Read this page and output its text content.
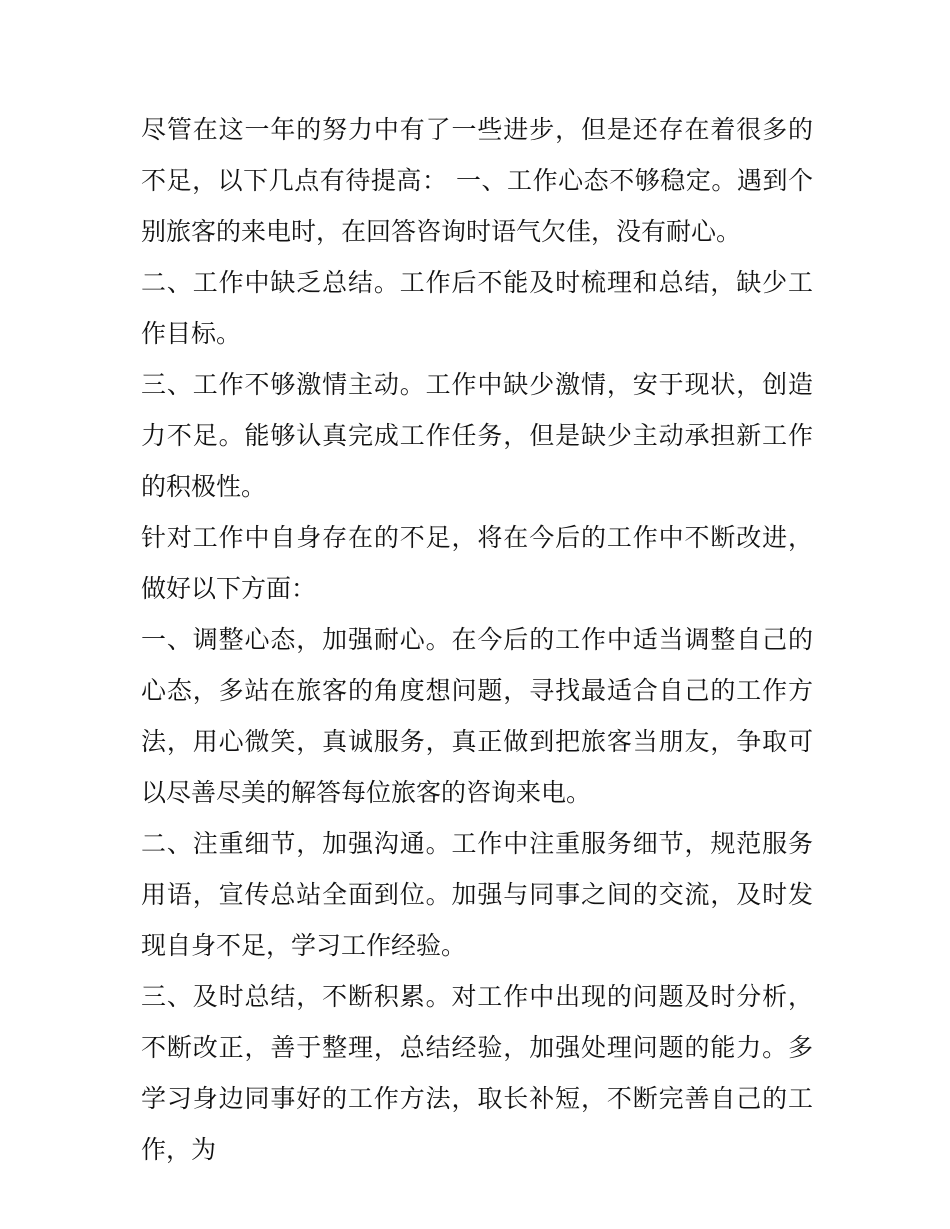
尽管在这一年的努力中有了一些进步，但是还存在着很多的不足，以下几点有待提高： 一、工作心态不够稳定。遇到个别旅客的来电时，在回答咨询时语气欠佳，没有耐心。

二、工作中缺乏总结。工作后不能及时梳理和总结，缺少工作目标。

三、工作不够激情主动。工作中缺少激情，安于现状，创造力不足。能够认真完成工作任务，但是缺少主动承担新工作的积极性。

针对工作中自身存在的不足，将在今后的工作中不断改进，做好以下方面：

一、调整心态，加强耐心。在今后的工作中适当调整自己的心态，多站在旅客的角度想问题，寻找最适合自己的工作方法，用心微笑，真诚服务，真正做到把旅客当朋友，争取可以尽善尽美的解答每位旅客的咨询来电。

二、注重细节，加强沟通。工作中注重服务细节，规范服务用语，宣传总站全面到位。加强与同事之间的交流，及时发现自身不足，学习工作经验。

三、及时总结，不断积累。对工作中出现的问题及时分析，不断改正，善于整理，总结经验，加强处理问题的能力。多学习身边同事好的工作方法，取长补短，不断完善自己的工作，为
